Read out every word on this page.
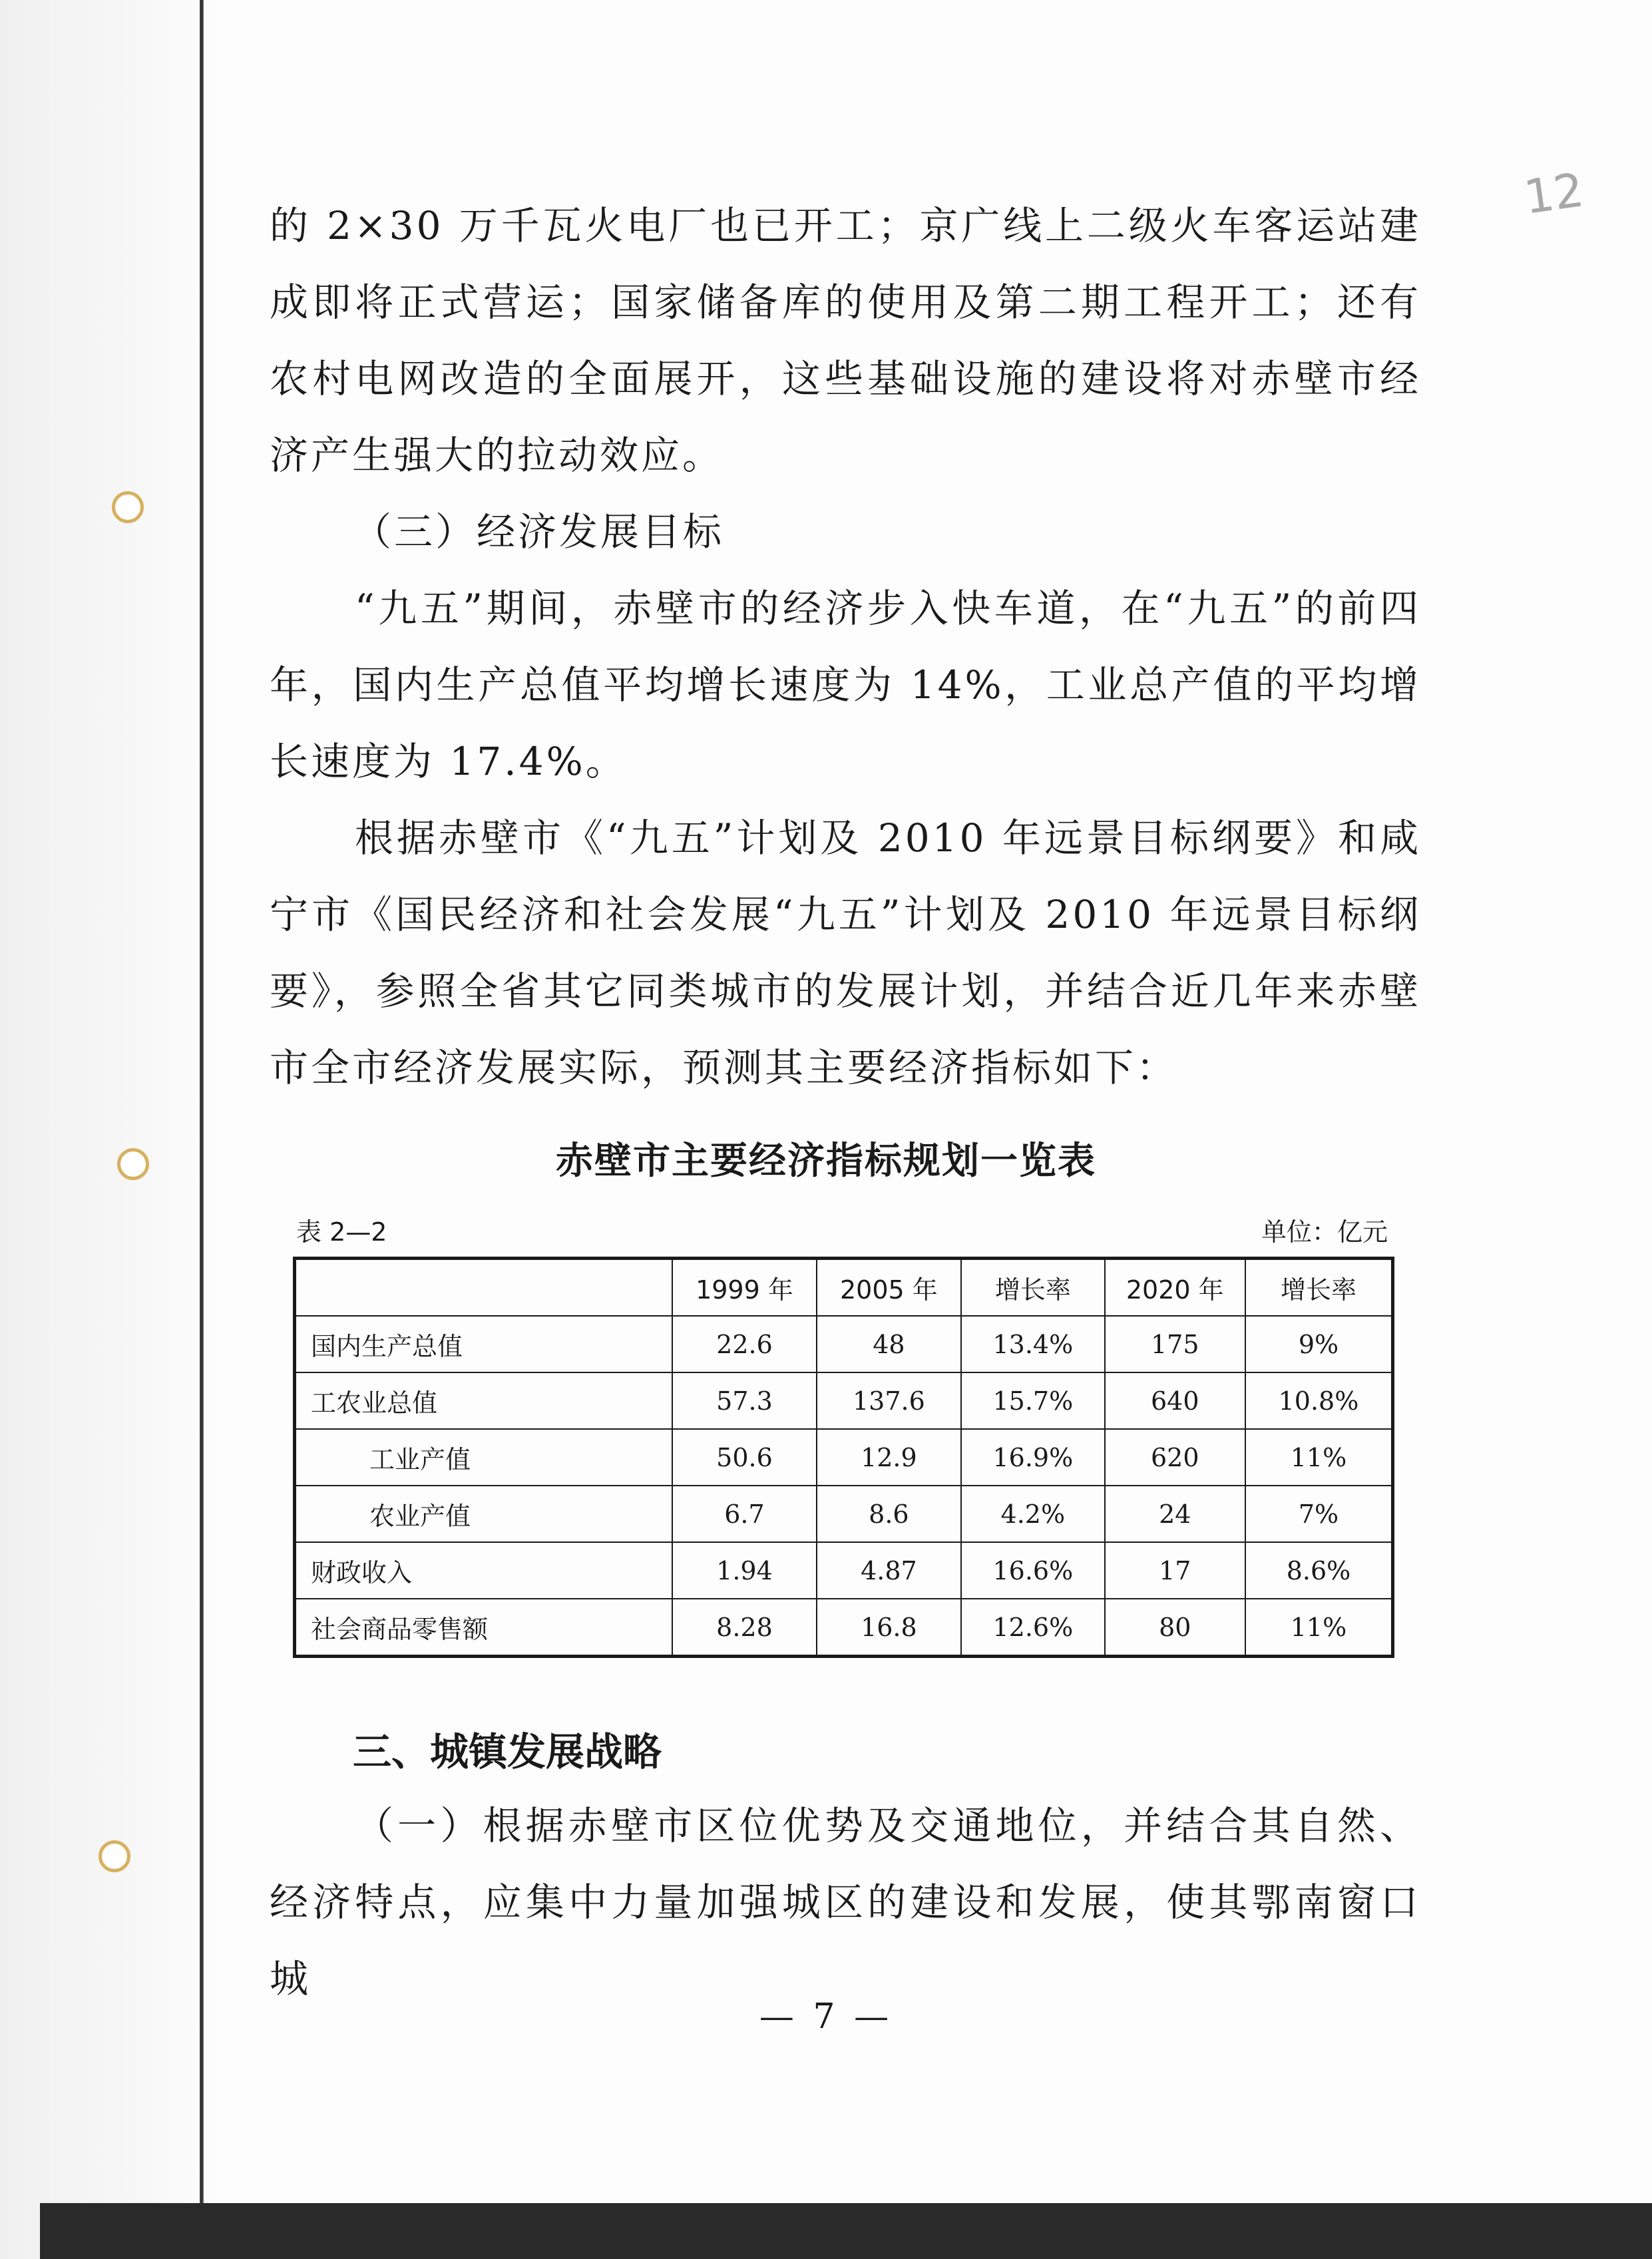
12

的 2×30 万千瓦火电厂也已开工；京广线上二级火车客运站建成即将正式营运；国家储备库的使用及第二期工程开工；还有农村电网改造的全面展开，这些基础设施的建设将对赤壁市经济产生强大的拉动效应。

（三）经济发展目标

“九五”期间，赤壁市的经济步入快车道，在“九五”的前四年，国内生产总值平均增长速度为 14%，工业总产值的平均增长速度为 17.4%。

根据赤壁市《“九五”计划及 2010 年远景目标纲要》和咸宁市《国民经济和社会发展“九五”计划及 2010 年远景目标纲要》，参照全省其它同类城市的发展计划，并结合近几年来赤壁市全市经济发展实际，预测其主要经济指标如下：

赤壁市主要经济指标规划一览表
表 2—2	单位：亿元
	1999 年	2005 年	增长率	2020 年	增长率
国内生产总值	22.6	48	13.4%	175	9%
工农业总值	57.3	137.6	15.7%	640	10.8%
工业产值	50.6	12.9	16.9%	620	11%
农业产值	6.7	8.6	4.2%	24	7%
财政收入	1.94	4.87	16.6%	17	8.6%
社会商品零售额	8.28	16.8	12.6%	80	11%
三、城镇发展战略

（一）根据赤壁市区位优势及交通地位，并结合其自然、经济特点，应集中力量加强城区的建设和发展，使其鄂南窗口城

— 7 —
